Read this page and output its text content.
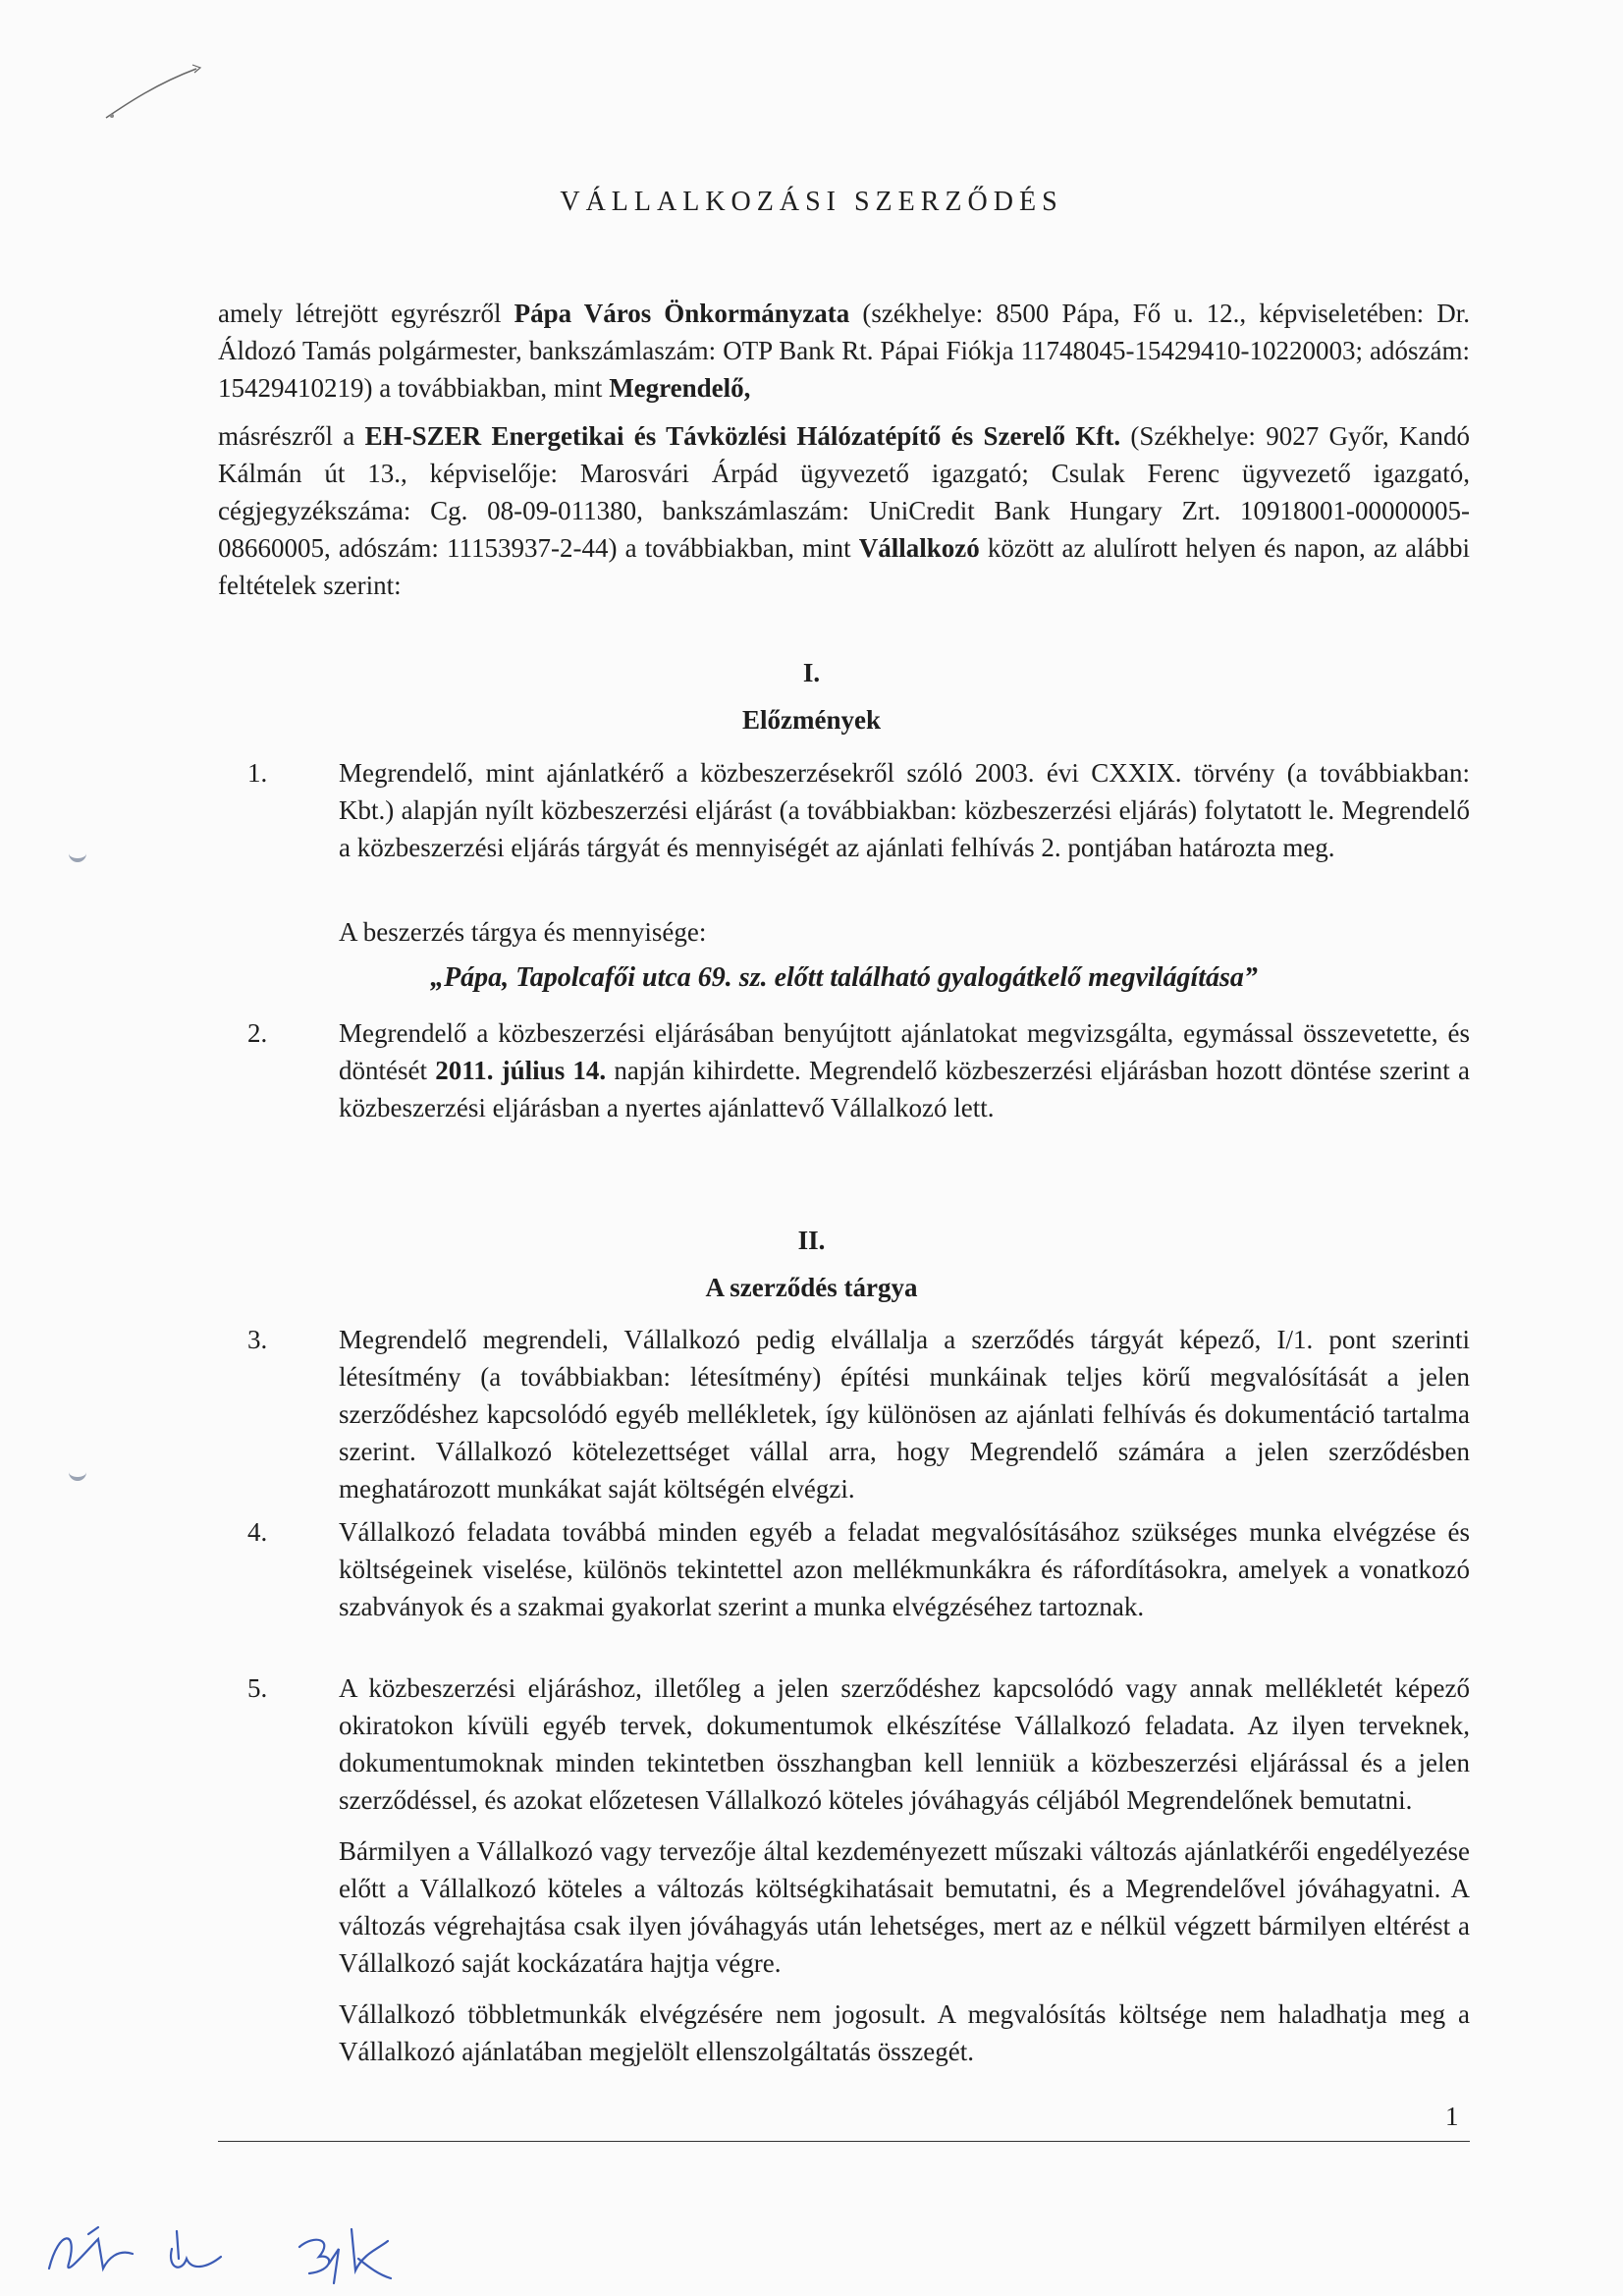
VÁLLALKOZÁSI SZERZŐDÉS
amely létrejött egyrészről Pápa Város Önkormányzata (székhelye: 8500 Pápa, Fő u. 12., képviseletében: Dr. Áldozó Tamás polgármester, bankszámlaszám: OTP Bank Rt. Pápai Fiókja 11748045-15429410-10220003; adószám: 15429410219) a továbbiakban, mint Megrendelő,
másrészről a EH-SZER Energetikai és Távközlési Hálózatépítő és Szerelő Kft. (Székhelye: 9027 Győr, Kandó Kálmán út 13., képviselője: Marosvári Árpád ügyvezető igazgató; Csulak Ferenc ügyvezető igazgató, cégjegyzékszáma: Cg. 08-09-011380, bankszámlaszám: UniCredit Bank Hungary Zrt. 10918001-00000005-08660005, adószám: 11153937-2-44) a továbbiakban, mint Vállalkozó között az alulírott helyen és napon, az alábbi feltételek szerint:
I.
Előzmények
1.	Megrendelő, mint ajánlatkérő a közbeszerzésekről szóló 2003. évi CXXIX. törvény (a továbbiakban: Kbt.) alapján nyílt közbeszerzési eljárást (a továbbiakban: közbeszerzési eljárás) folytatott le. Megrendelő a közbeszerzési eljárás tárgyát és mennyiségét az ajánlati felhívás 2. pontjában határozta meg.

A beszerzés tárgya és mennyisége:
„Pápa, Tapolcafői utca 69. sz. előtt található gyalogátkelő megvilágítása”
2.	Megrendelő a közbeszerzési eljárásában benyújtott ajánlatokat megvizsgálta, egymással összevetette, és döntését 2011. július 14. napján kihirdette. Megrendelő közbeszerzési eljárásban hozott döntése szerint a közbeszerzési eljárásban a nyertes ajánlattevő Vállalkozó lett.

II.
A szerződés tárgya
3.	Megrendelő megrendeli, Vállalkozó pedig elvállalja a szerződés tárgyát képező, I/1. pont szerinti létesítmény (a továbbiakban: létesítmény) építési munkáinak teljes körű megvalósítását a jelen szerződéshez kapcsolódó egyéb mellékletek, így különösen az ajánlati felhívás és dokumentáció tartalma szerint. Vállalkozó kötelezettséget vállal arra, hogy Megrendelő számára a jelen szerződésben meghatározott munkákat saját költségén elvégzi.

4.	Vállalkozó feladata továbbá minden egyéb a feladat megvalósításához szükséges munka elvégzése és költségeinek viselése, különös tekintettel azon mellékmunkákra és ráfordításokra, amelyek a vonatkozó szabványok és a szakmai gyakorlat szerint a munka elvégzéséhez tartoznak.

5.	A közbeszerzési eljáráshoz, illetőleg a jelen szerződéshez kapcsolódó vagy annak mellékletét képező okiratokon kívüli egyéb tervek, dokumentumok elkészítése Vállalkozó feladata. Az ilyen terveknek, dokumentumoknak minden tekintetben összhangban kell lenniük a közbeszerzési eljárással és a jelen szerződéssel, és azokat előzetesen Vállalkozó köteles jóváhagyás céljából Megrendelőnek bemutatni.

Bármilyen a Vállalkozó vagy tervezője által kezdeményezett műszaki változás ajánlatkérői engedélyezése előtt a Vállalkozó köteles a változás költségkihatásait bemutatni, és a Megrendelővel jóváhagyatni. A változás végrehajtása csak ilyen jóváhagyás után lehetséges, mert az e nélkül végzett bármilyen eltérést a Vállalkozó saját kockázatára hajtja végre.

Vállalkozó többletmunkák elvégzésére nem jogosult. A megvalósítás költsége nem haladhatja meg a Vállalkozó ajánlatában megjelölt ellenszolgáltatás összegét.

1
